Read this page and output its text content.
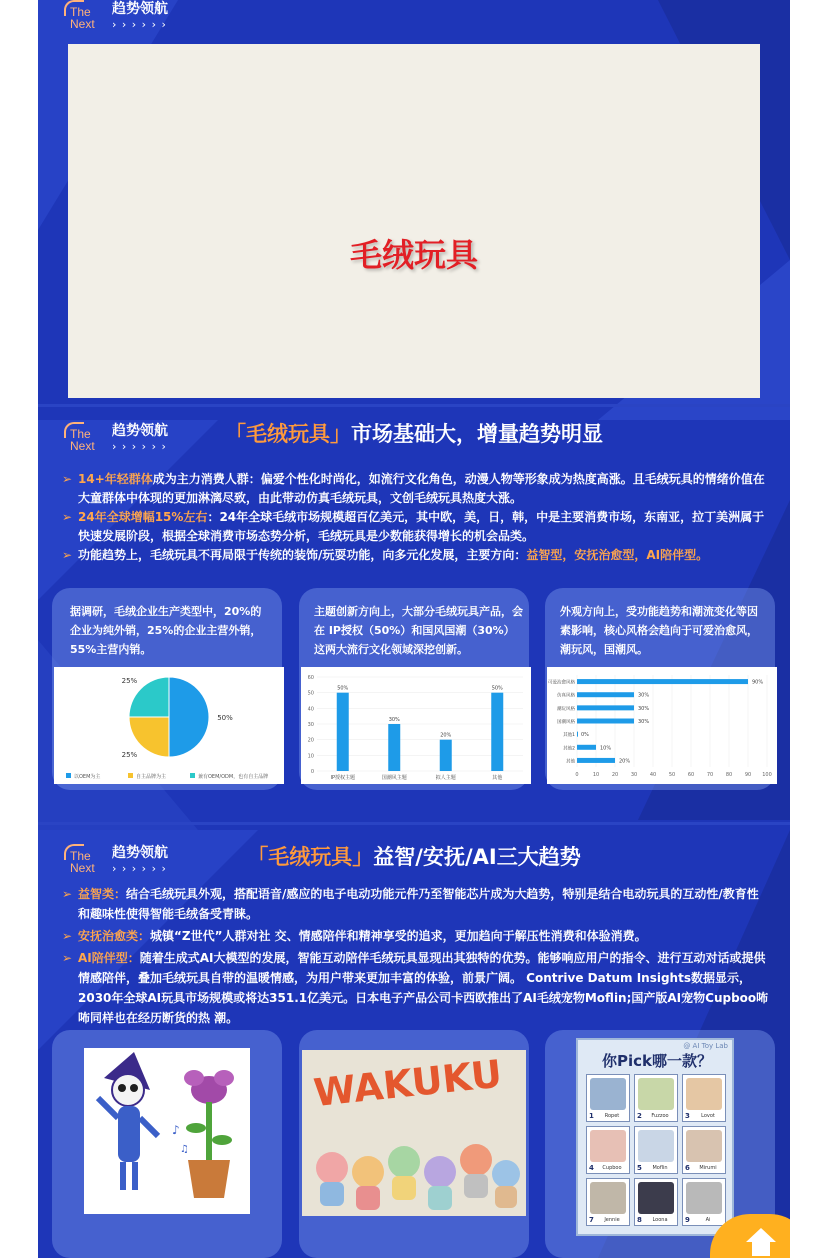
The
Next
趋势领航
› › › › › ›
毛绒玩具
The
Next
趋势领航
› › › › › ›
「毛绒玩具」市场基础大，增量趋势明显
➢ 14+年轻群体成为主力消费人群：偏爱个性化时尚化，如流行文化角色，动漫人物等形象成为热度高涨。且毛绒玩具的情绪价值在大童群体中体现的更加淋漓尽致，由此带动仿真毛绒玩具，文创毛绒玩具热度大涨。
➢ 24年全球增幅15%左右：24年全球毛绒市场规模超百亿美元，其中欧，美，日，韩，中是主要消费市场，东南亚，拉丁美洲属于快速发展阶段，根据全球消费市场态势分析，毛绒玩具是少数能获得增长的机会品类。
➢ 功能趋势上，毛绒玩具不再局限于传统的装饰/玩耍功能，向多元化发展，主要方向：益智型，安抚治愈型，AI陪伴型。
据调研，毛绒企业生产类型中，20%的企业为纯外销，25%的企业主营外销，55%主营内销。
主题创新方向上，大部分毛绒玩具产品，会在 IP授权（50%）和国风国潮（30%）这两大流行文化领域深挖创新。
外观方向上，受功能趋势和潮流变化等因素影响，核心风格会趋向于可爱治愈风，潮玩风，国潮风。
50%
25%
25%
以OEM为主	自主品牌为主	兼有OEM/ODM，也有自主品牌
0
10
20
30
40
50
60
50%
IP授权主题
30%
国潮风主题
20%
拟人主题
50%
其他	0	10	20	30	40	50	60	70	80	90 100
90%
可爱治愈风格
30%
仿真风格
30%
潮玩风格
30%
国潮风格
0%
其他1
10%
其他2
20%
其他
The
Next
趋势领航
› › › › › ›	「毛绒玩具」益智/安抚/AI三大趋势
➢ 益智类：结合毛绒玩具外观，搭配语音/感应的电子电动功能元件乃至智能芯片成为大趋势，特别是结合电动玩具的互动性/教育性和趣味性使得智能毛绒备受青睐。
➢ 安抚治愈类：城镇“Z世代”人群对社 交、情感陪伴和精神享受的追求，更加趋向于解压性消费和体验消费。
➢ AI陪伴型：随着生成式AI大模型的发展，智能互动陪伴毛绒玩具显现出其独特的优势。能够响应用户的指令、进行互动对话或提供 情感陪伴，叠加毛绒玩具自带的温暖情感，为用户带来更加丰富的体验，前景广阔。 Contrive Datum Insights数据显示，2030年全球AI玩具市场规模或将达351.1亿美元。日本电子产品公司卡西欧推出了AI毛绒宠物Moflin;国产版AI宠物Cupboo咘咘同样也在经历断货的热 潮。
♪
♫
WAKUKU
@ AI Toy Lab
你Pick哪一款？
1	Ropet	2	Fuzzoo	3	Lovot
4	Cupboo	5	Moflin	6	Mirumi
7	Jennie	8	Loona	9	Ai
